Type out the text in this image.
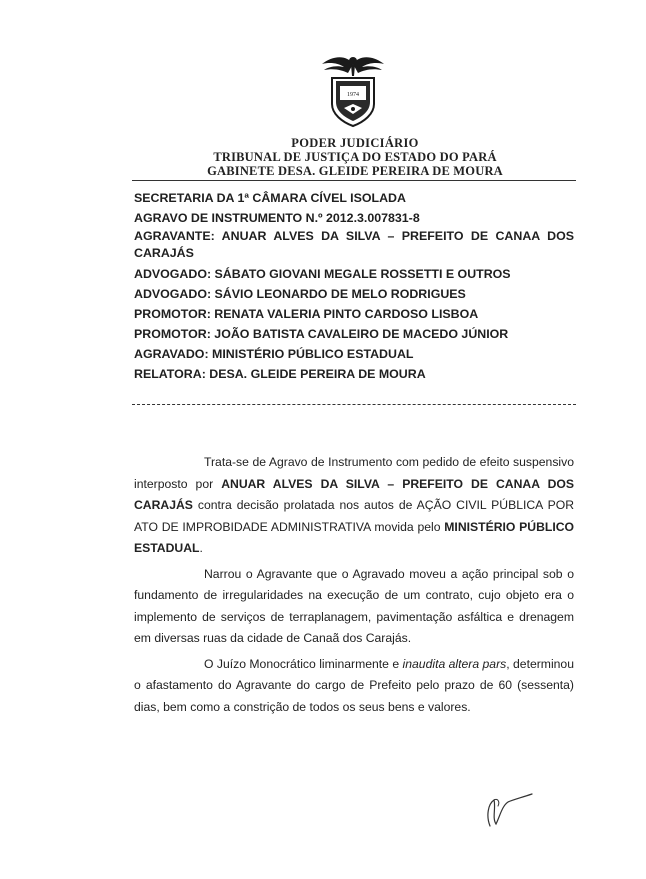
1974
PODER JUDICIÁRIO
TRIBUNAL DE JUSTIÇA DO ESTADO DO PARÁ
GABINETE DESA. GLEIDE PEREIRA DE MOURA
SECRETARIA DA 1ª CÂMARA CÍVEL ISOLADA
AGRAVO DE INSTRUMENTO N.º 2012.3.007831-8
AGRAVANTE: ANUAR ALVES DA SILVA – PREFEITO DE CANAA DOS CARAJÁS
ADVOGADO: SÁBATO GIOVANI MEGALE ROSSETTI E OUTROS
ADVOGADO: SÁVIO LEONARDO DE MELO RODRIGUES
PROMOTOR: RENATA VALERIA PINTO CARDOSO LISBOA
PROMOTOR: JOÃO BATISTA CAVALEIRO DE MACEDO JÚNIOR
AGRAVADO: MINISTÉRIO PÚBLICO ESTADUAL
RELATORA: DESA. GLEIDE PEREIRA DE MOURA

Trata-se de Agravo de Instrumento com pedido de efeito suspensivo interposto por ANUAR ALVES DA SILVA – PREFEITO DE CANAA DOS CARAJÁS contra decisão prolatada nos autos de AÇÃO CIVIL PÚBLICA POR ATO DE IMPROBIDADE ADMINISTRATIVA movida pelo MINISTÉRIO PÚBLICO ESTADUAL.

Narrou o Agravante que o Agravado moveu a ação principal sob o fundamento de irregularidades na execução de um contrato, cujo objeto era o implemento de serviços de terraplanagem, pavimentação asfáltica e drenagem em diversas ruas da cidade de Canaã dos Carajás.

O Juízo Monocrático liminarmente e inaudita altera pars, determinou o afastamento do Agravante do cargo de Prefeito pelo prazo de 60 (sessenta) dias, bem como a constrição de todos os seus bens e valores.
